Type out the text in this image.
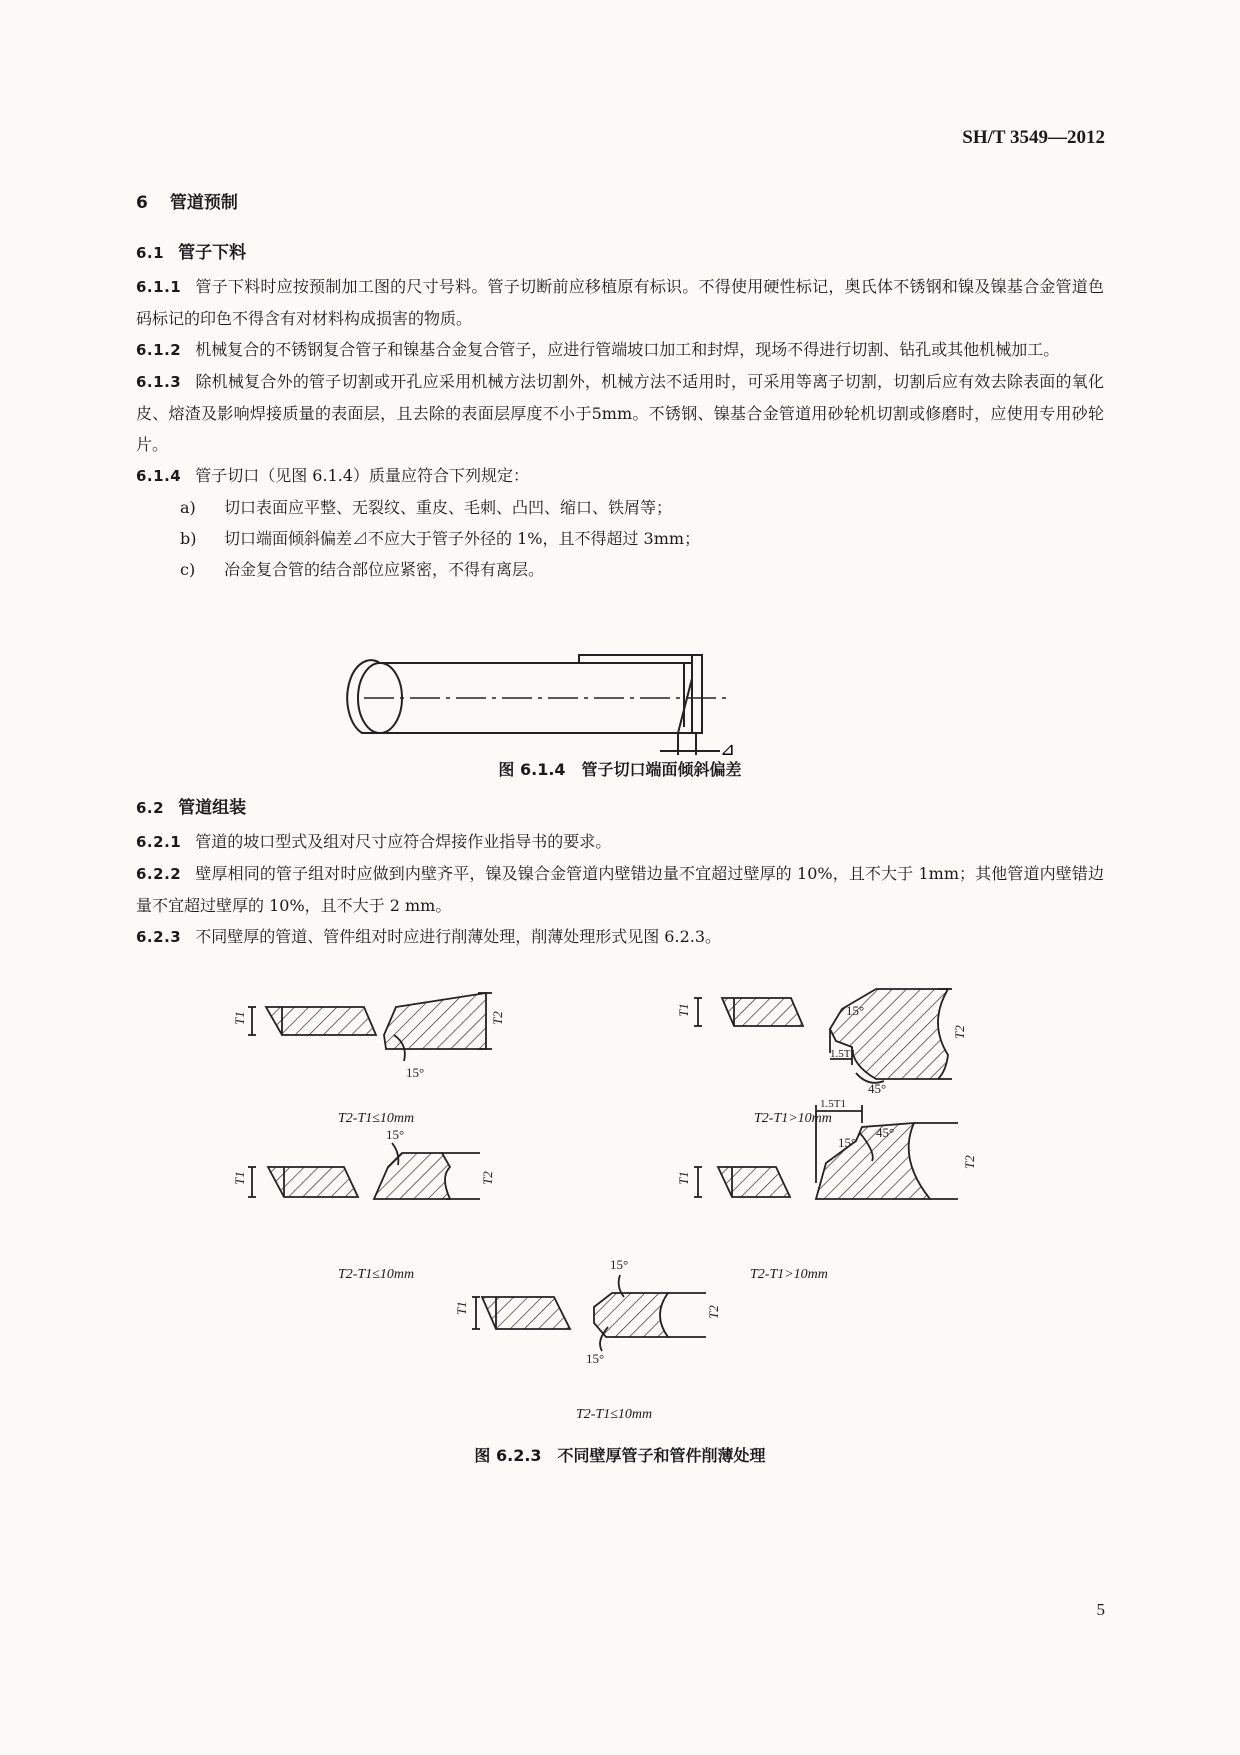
SH/T 3549—2012
6 管道预制
6.1 管子下料
6.1.1 管子下料时应按预制加工图的尺寸号料。管子切断前应移植原有标识。不得使用硬性标记，奥氏体不锈钢和镍及镍基合金管道色码标记的印色不得含有对材料构成损害的物质。
6.1.2 机械复合的不锈钢复合管子和镍基合金复合管子，应进行管端坡口加工和封焊，现场不得进行切割、钻孔或其他机械加工。
6.1.3 除机械复合外的管子切割或开孔应采用机械方法切割外，机械方法不适用时，可采用等离子切割，切割后应有效去除表面的氧化皮、熔渣及影响焊接质量的表面层，且去除的表面层厚度不小于5mm。不锈钢、镍基合金管道用砂轮机切割或修磨时，应使用专用砂轮片。
6.1.4 管子切口（见图 6.1.4）质量应符合下列规定：
a) 切口表面应平整、无裂纹、重皮、毛刺、凸凹、缩口、铁屑等；
b) 切口端面倾斜偏差⊿不应大于管子外径的 1%，且不得超过 3mm；
c) 冶金复合管的结合部位应紧密，不得有离层。
⊿
图 6.1.4　管子切口端面倾斜偏差
6.2 管道组装
6.2.1 管道的坡口型式及组对尺寸应符合焊接作业指导书的要求。
6.2.2 壁厚相同的管子组对时应做到内壁齐平，镍及镍合金管道内壁错边量不宜超过壁厚的 10%，且不大于 1mm；其他管道内壁错边量不宜超过壁厚的 10%，且不大于 2 mm。
6.2.3 不同壁厚的管道、管件组对时应进行削薄处理，削薄处理形式见图 6.2.3。
T1	T2
15°
T1
T2
15°
1.5T1
45°
T1	T2
15°
T1
T2
1.5T1
45°
15°
T1	T2
15°
15°
T2-T1≤10mm	T2-T1>10mm
T2-T1≤10mm	T2-T1>10mm
T2-T1≤10mm
图 6.2.3　不同壁厚管子和管件削薄处理
5
